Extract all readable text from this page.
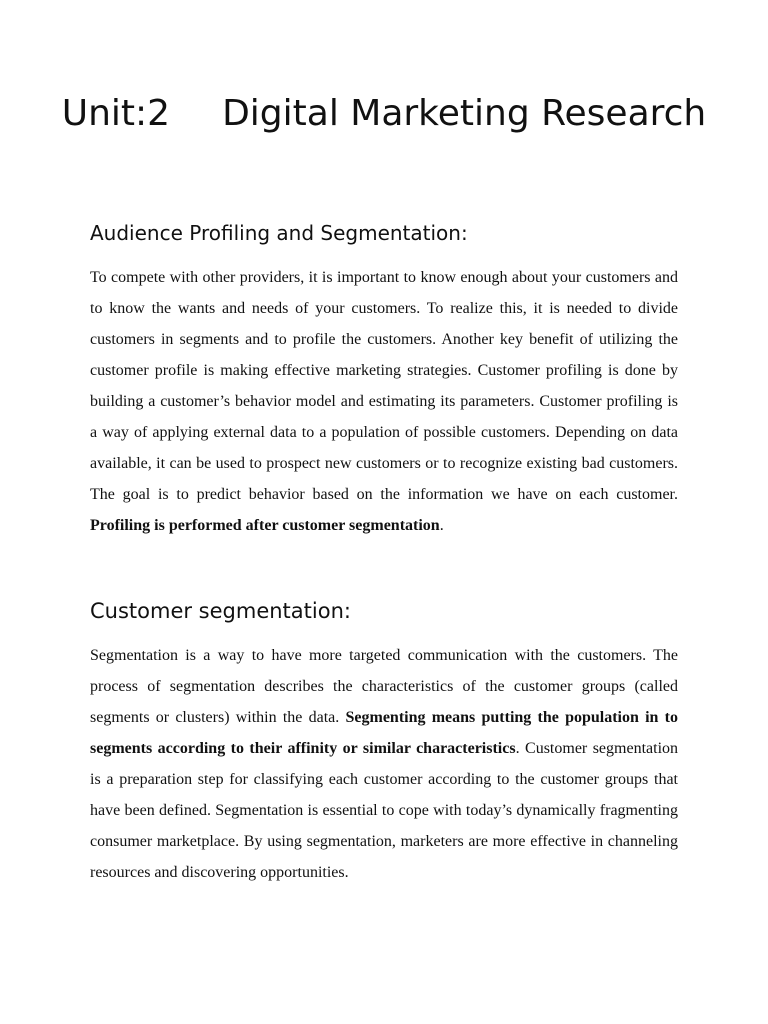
Unit:2 Digital Marketing Research
Audience Profiling and Segmentation:

To compete with other providers, it is important to know enough about your customers and to know the wants and needs of your customers. To realize this, it is needed to divide customers in segments and to profile the customers. Another key benefit of utilizing the customer profile is making effective marketing strategies. Customer profiling is done by building a customer’s behavior model and estimating its parameters. Customer profiling is a way of applying external data to a population of possible customers. Depending on data available, it can be used to prospect new customers or to recognize existing bad customers. The goal is to predict behavior based on the information we have on each customer. Profiling is performed after customer segmentation.

Customer segmentation:

Segmentation is a way to have more targeted communication with the customers. The process of segmentation describes the characteristics of the customer groups (called segments or clusters) within the data. Segmenting means putting the population in to segments according to their affinity or similar characteristics. Customer segmentation is a preparation step for classifying each customer according to the customer groups that have been defined. Segmentation is essential to cope with today’s dynamically fragmenting consumer marketplace. By using segmentation, marketers are more effective in channeling resources and discovering opportunities.
